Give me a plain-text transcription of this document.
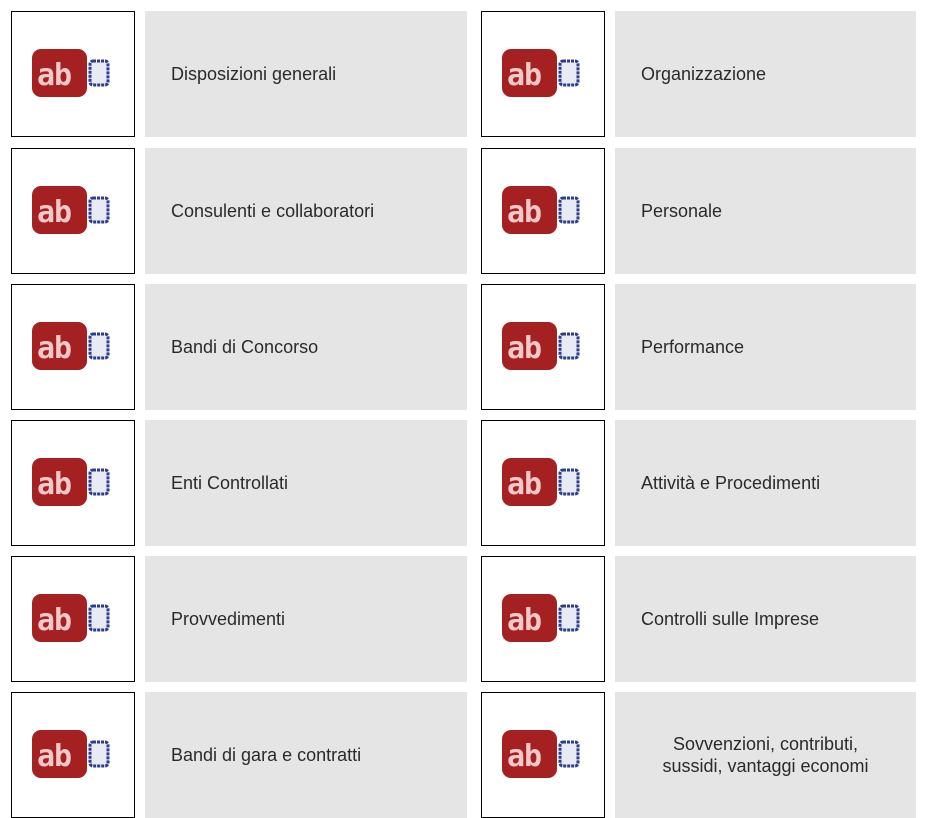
ab	Disposizioni generali	ab	Organizzazione
ab	Consulenti e collaboratori	ab	Personale
ab	Bandi di Concorso	ab	Performance
ab	Enti Controllati	ab	Attività e Procedimenti
ab	Provvedimenti	ab	Controlli sulle Imprese
ab	Bandi di gara e contratti	ab	Sovvenzioni, contributi,
sussidi, vantaggi economi
